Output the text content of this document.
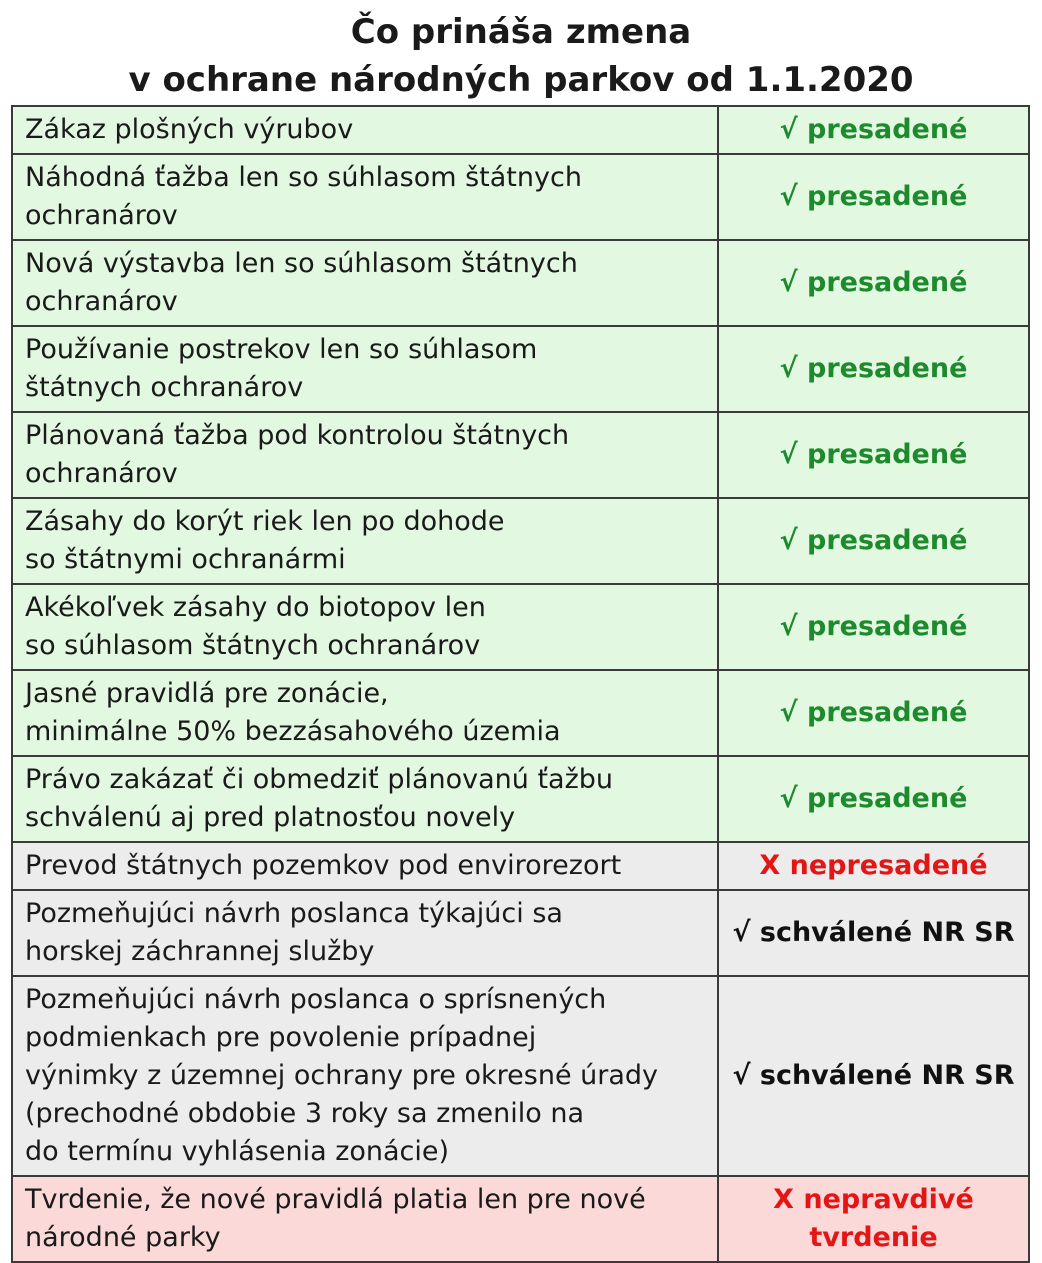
Čo prináša zmena
v ochrane národných parkov od 1.1.2020
Zákaz plošných výrubov	√ presadené

Náhodná ťažba len so súhlasom štátnych
ochranárov	√ presadené

Nová výstavba len so súhlasom štátnych
ochranárov	√ presadené

Používanie postrekov len so súhlasom
štátnych ochranárov	√ presadené

Plánovaná ťažba pod kontrolou štátnych
ochranárov	√ presadené

Zásahy do korýt riek len po dohode
so štátnymi ochranármi	√ presadené

Akékoľvek zásahy do biotopov len
so súhlasom štátnych ochranárov	√ presadené

Jasné pravidlá pre zonácie,
minimálne 50% bezzásahového územia	√ presadené

Právo zakázať či obmedziť plánovanú ťažbu
schválenú aj pred platnosťou novely	√ presadené

Prevod štátnych pozemkov pod envirorezort	X nepresadené

Pozmeňujúci návrh poslanca týkajúci sa
horskej záchrannej služby	√ schválené NR SR

Pozmeňujúci návrh poslanca o sprísnených
podmienkach pre povolenie prípadnej
výnimky z územnej ochrany pre okresné úrady
(prechodné obdobie 3 roky sa zmenilo na
do termínu vyhlásenia zonácie)	√ schválené NR SR

Tvrdenie, že nové pravidlá platia len pre nové
národné parky	X nepravdivé
tvrdenie
